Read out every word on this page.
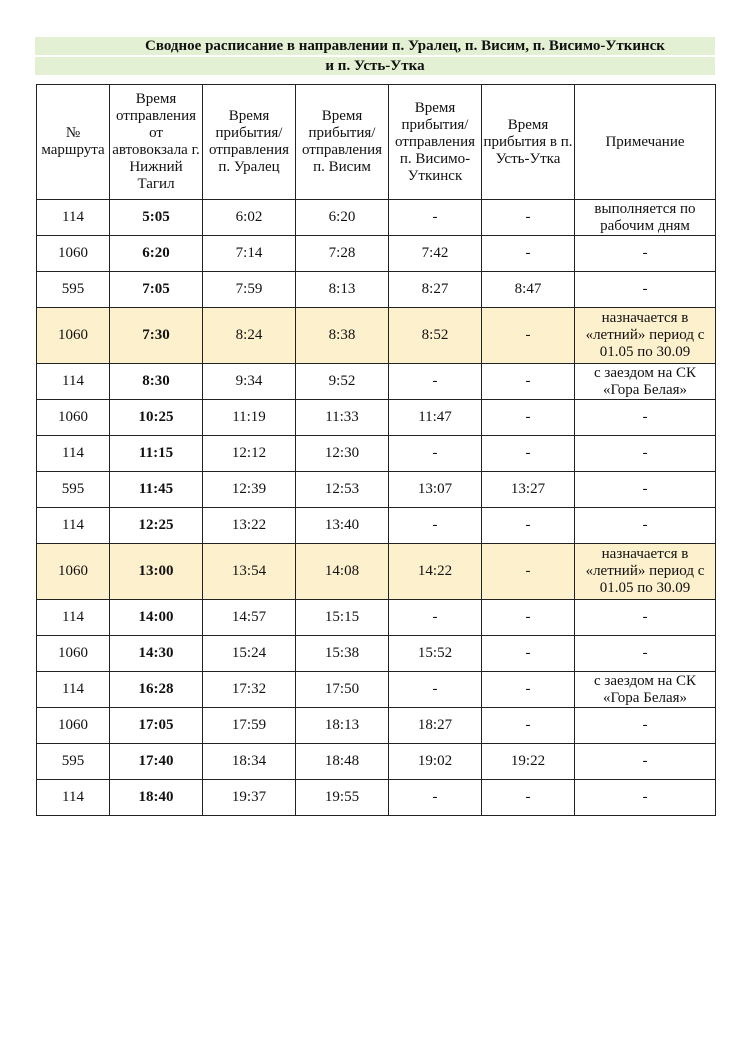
Сводное расписание в направлении п. Уралец, п. Висим, п. Висимо-Уткинск
и п. Усть-Утка
№ маршрута	Время отправления от автовокзала г. Нижний Тагил	Время прибытия/ отправления п. Уралец	Время прибытия/ отправления п. Висим	Время прибытия/ отправления п. Висимо-Уткинск	Время прибытия в п. Усть-Утка	Примечание
114	5:05	6:02	6:20	-	-	выполняется по рабочим дням
1060	6:20	7:14	7:28	7:42	-	-
595	7:05	7:59	8:13	8:27	8:47	-
1060	7:30	8:24	8:38	8:52	-	назначается в «летний» период с 01.05 по 30.09
114	8:30	9:34	9:52	-	-	с заездом на СК «Гора Белая»
1060	10:25	11:19	11:33	11:47	-	-
114	11:15	12:12	12:30	-	-	-
595	11:45	12:39	12:53	13:07	13:27	-
114	12:25	13:22	13:40	-	-	-
1060	13:00	13:54	14:08	14:22	-	назначается в «летний» период с 01.05 по 30.09
114	14:00	14:57	15:15	-	-	-
1060	14:30	15:24	15:38	15:52	-	-
114	16:28	17:32	17:50	-	-	с заездом на СК «Гора Белая»
1060	17:05	17:59	18:13	18:27	-	-
595	17:40	18:34	18:48	19:02	19:22	-
114	18:40	19:37	19:55	-	-	-
